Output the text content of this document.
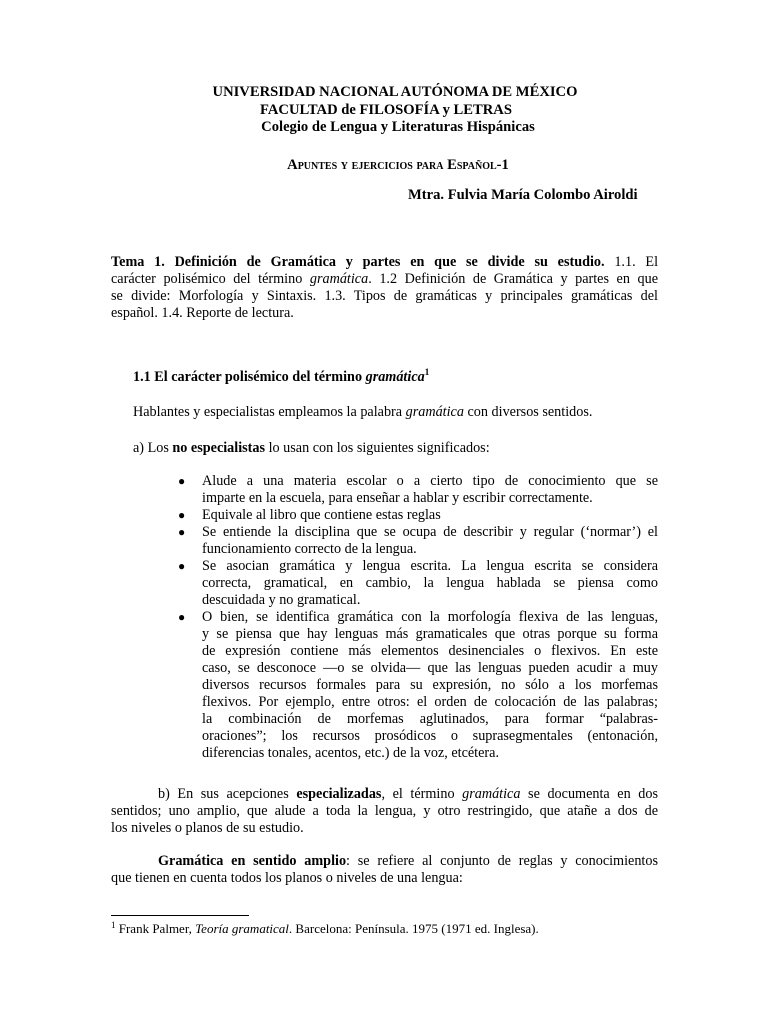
UNIVERSIDAD NACIONAL AUTÓNOMA DE MÉXICO
FACULTAD de FILOSOFÍA y LETRAS
Colegio de Lengua y Literaturas Hispánicas
Apuntes y ejercicios para Español-1
Mtra. Fulvia María Colombo Airoldi
Tema 1. Definición de Gramática y partes en que se divide su estudio. 1.1. El
carácter polisémico del término gramática. 1.2 Definición de Gramática y partes en que
se divide: Morfología y Sintaxis. 1.3. Tipos de gramáticas y principales gramáticas del
español. 1.4. Reporte de lectura.
1.1 El carácter polisémico del término gramática$^1$
Hablantes y especialistas empleamos la palabra gramática con diversos sentidos.
a) Los no especialistas lo usan con los siguientes significados:
● Alude a una materia escolar o a cierto tipo de conocimiento que se
imparte en la escuela, para enseñar a hablar y escribir correctamente.
● Equivale al libro que contiene estas reglas
● Se entiende la disciplina que se ocupa de describir y regular (‘normar’) el
funcionamiento correcto de la lengua.
● Se asocian gramática y lengua escrita. La lengua escrita se considera
correcta, gramatical, en cambio, la lengua hablada se piensa como
descuidada y no gramatical.
● O bien, se identifica gramática con la morfología flexiva de las lenguas,
y se piensa que hay lenguas más gramaticales que otras porque su forma
de expresión contiene más elementos desinenciales o flexivos. En este
caso, se desconoce —o se olvida— que las lenguas pueden acudir a muy
diversos recursos formales para su expresión, no sólo a los morfemas
flexivos. Por ejemplo, entre otros: el orden de colocación de las palabras;
la combinación de morfemas aglutinados, para formar “palabras-
oraciones”; los recursos prosódicos o suprasegmentales (entonación,
diferencias tonales, acentos, etc.) de la voz, etcétera.
b) En sus acepciones especializadas, el término gramática se documenta en dos
sentidos; uno amplio, que alude a toda la lengua, y otro restringido, que atañe a dos de
los niveles o planos de su estudio.
Gramática en sentido amplio: se refiere al conjunto de reglas y conocimientos
que tienen en cuenta todos los planos o niveles de una lengua:
$^1$ Frank Palmer, Teoría gramatical. Barcelona: Península. 1975 (1971 ed. Inglesa).
